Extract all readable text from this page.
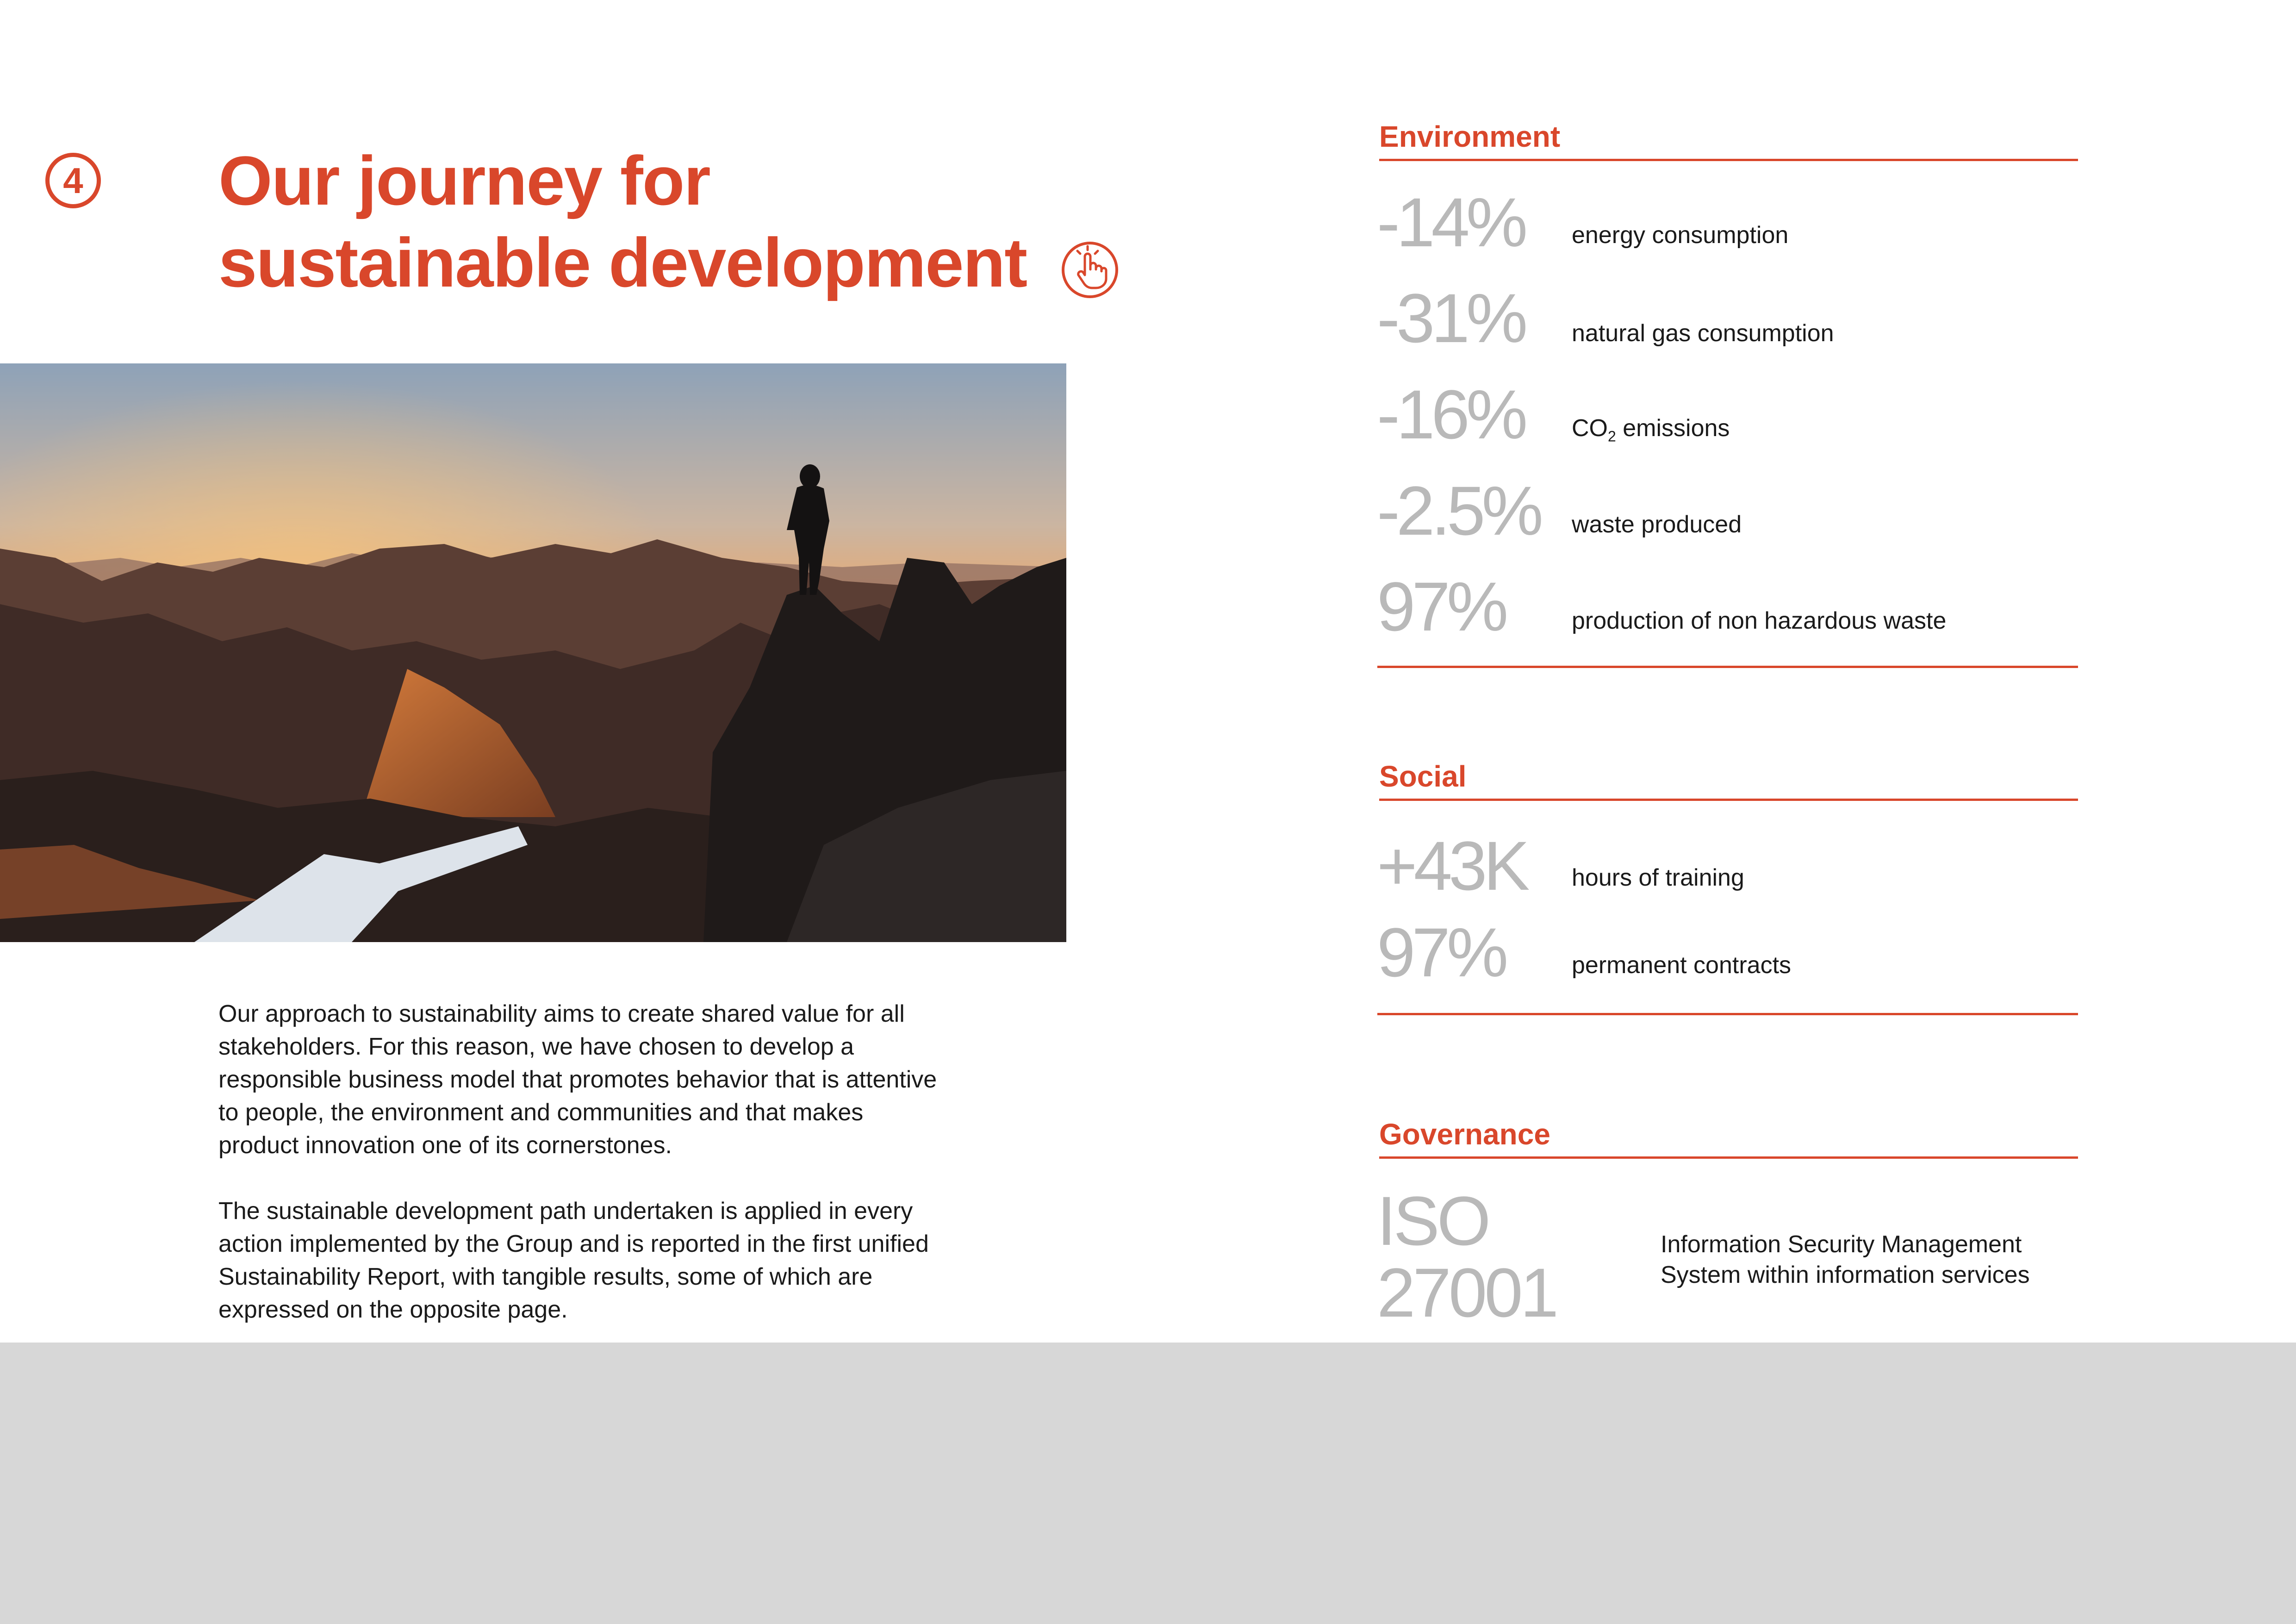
4 Our journey for
sustainable development

Our approach to sustainability aims to create shared value for all stakeholders. For this reason, we have chosen to develop a responsible business model that promotes behavior that is attentive to people, the environment and communities and that makes product innovation one of its cornerstones.

The sustainable development path undertaken is applied in every action implemented by the Group and is reported in the first unified Sustainability Report, with tangible results, some of which are expressed on the opposite page.

Environment
-14% energy consumption
-31% natural gas consumption
-16% $CO_2$ emissions
-2.5% waste produced
97%	production of non hazardous waste
Social
+43K hours of training
97%	permanent contracts
Governance
ISO
27001
Information Security Management
System within information services
